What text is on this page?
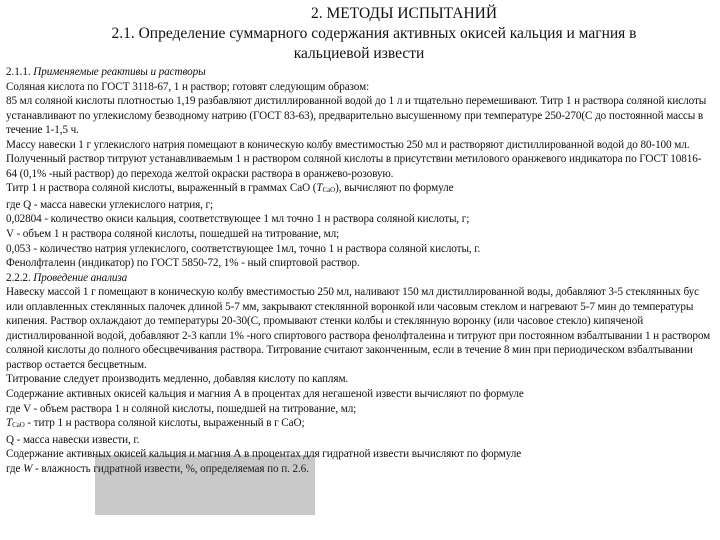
2. МЕТОДЫ ИСПЫТАНИЙ
2.1. Определение суммарного содержания активных окисей кальция и магния в
кальциевой извести

2.1.1. Применяемые реактивы и растворы

Соляная кислота по ГОСТ 3118-67, 1 н раствор; готовят следующим образом:

85 мл соляной кислоты плотностью 1,19 разбавляют дистиллированной водой до 1 л и тщательно перемешивают. Титр 1 н раствора соляной кислоты устанавливают по углекислому безводному натрию (ГОСТ 83-63), предварительно высушенному при температуре 250-270(С до постоянной массы в течение 1-1,5 ч.

Массу навески 1 г углекислого натрия помещают в коническую колбу вместимостью 250 мл и растворяют дистиллированной водой до 80-100 мл. Полученный раствор титруют устанавливаемым 1 н раствором соляной кислоты в присутствии метилового оранжевого индикатора по ГОСТ 10816-64 (0,1% -ный раствор) до перехода желтой окраски раствора в оранжево-розовую.

Титр 1 н раствора соляной кислоты, выраженный в граммах CaO $(T_{CaO})$, вычисляют по формуле

где Q - масса навески углекислого натрия, г;

0,02804 - количество окиси кальция, соответствующее 1 мл точно 1 н раствора соляной кислоты, г;

V - объем 1 н раствора соляной кислоты, пошедшей на титрование, мл;

0,053 - количество натрия углекислого, соответствующее 1мл, точно 1 н раствора соляной кислоты, г.

Фенолфталеин (индикатор) по ГОСТ 5850-72, 1% - ный спиртовой раствор.

2.2.2. Проведение анализа

Навеску массой 1 г помещают в коническую колбу вместимостью 250 мл, наливают 150 мл дистиллированной воды, добавляют 3-5 стеклянных бус или оплавленных стеклянных палочек длиной 5-7 мм, закрывают стеклянной воронкой или часовым стеклом и нагревают 5-7 мин до температуры кипения. Раствор охлаждают до температуры 20-30(С, промывают стенки колбы и стеклянную воронку (или часовое стекло) кипяченой дистиллированной водой, добавляют 2-3 капли 1% -ного спиртового раствора фенолфталеина и титруют при постоянном взбалтывании 1 н раствором соляной кислоты до полного обесцвечивания раствора. Титрование считают законченным, если в течение 8 мин при периодическом взбалтывании раствор остается бесцветным.

Титрование следует производить медленно, добавляя кислоту по каплям.

Содержание активных окисей кальция и магния А в процентах для негашеной извести вычисляют по формуле

где V - объем раствора 1 н соляной кислоты, пошедшей на титрование, мл;

$T_{CaO}$ - титр 1 н раствора соляной кислоты, выраженный в г CaO;

Q - масса навески извести, г.

Содержание активных окисей кальция и магния А в процентах для гидратной извести вычисляют по формуле

где W - влажность гидратной извести, %, определяемая по п. 2.6.
